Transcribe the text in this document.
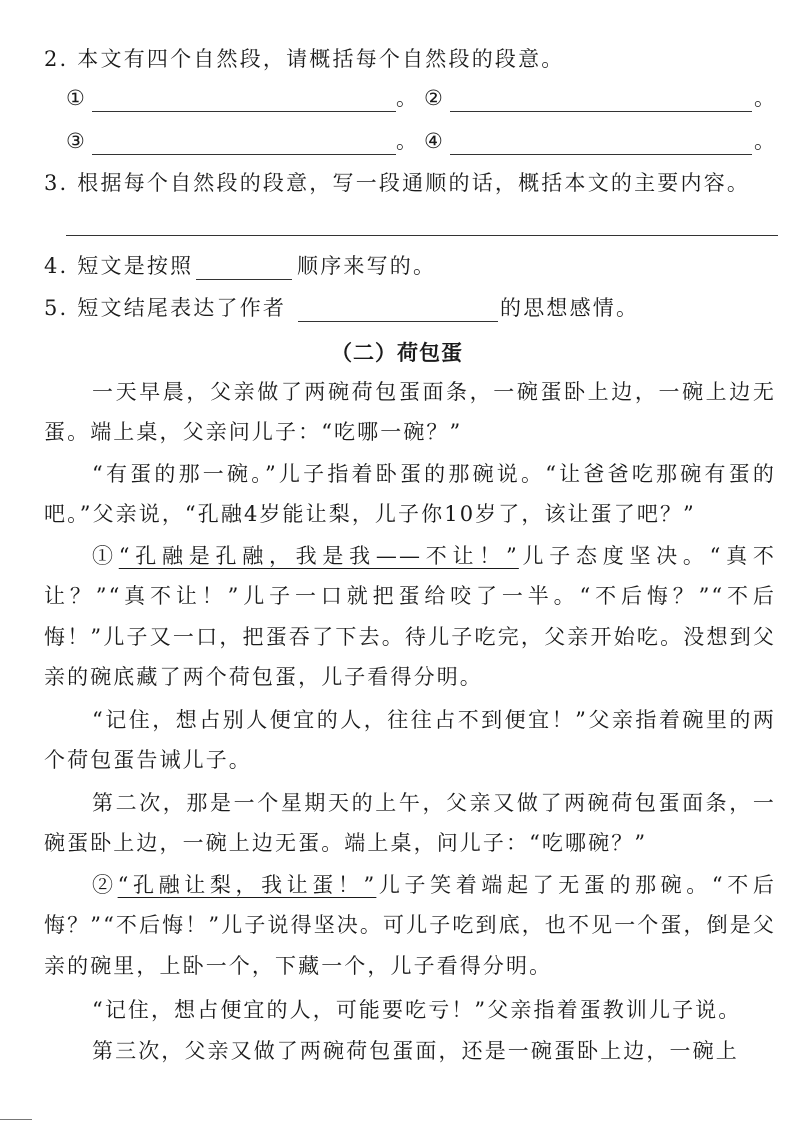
2. 本文有四个自然段，请概括每个自然段的段意。
①	。 ②	。
③	。 ④	。
3. 根据每个自然段的段意，写一段通顺的话，概括本文的主要内容。
4. 短文是按照	顺序来写的。
5. 短文结尾表达了作者	的思想感情。
（二）荷包蛋

一天早晨，父亲做了两碗荷包蛋面条，一碗蛋卧上边，一碗上边无蛋。端上桌，父亲问儿子：“吃哪一碗？”

“有蛋的那一碗。”儿子指着卧蛋的那碗说。“让爸爸吃那碗有蛋的吧。”父亲说，“孔融4岁能让梨，儿子你10岁了，该让蛋了吧？”

①“孔融是孔融，我是我——不让！”儿子态度坚决。“真不让？”“真不让！”儿子一口就把蛋给咬了一半。“不后悔？”“不后悔！”儿子又一口，把蛋吞了下去。待儿子吃完，父亲开始吃。没想到父亲的碗底藏了两个荷包蛋，儿子看得分明。

“记住，想占别人便宜的人，往往占不到便宜！”父亲指着碗里的两个荷包蛋告诫儿子。

第二次，那是一个星期天的上午，父亲又做了两碗荷包蛋面条，一碗蛋卧上边，一碗上边无蛋。端上桌，问儿子：“吃哪碗？”

②“孔融让梨，我让蛋！”儿子笑着端起了无蛋的那碗。“不后悔？”“不后悔！”儿子说得坚决。可儿子吃到底，也不见一个蛋，倒是父亲的碗里，上卧一个，下藏一个，儿子看得分明。

“记住，想占便宜的人，可能要吃亏！”父亲指着蛋教训儿子说。

第三次，父亲又做了两碗荷包蛋面，还是一碗蛋卧上边，一碗上
